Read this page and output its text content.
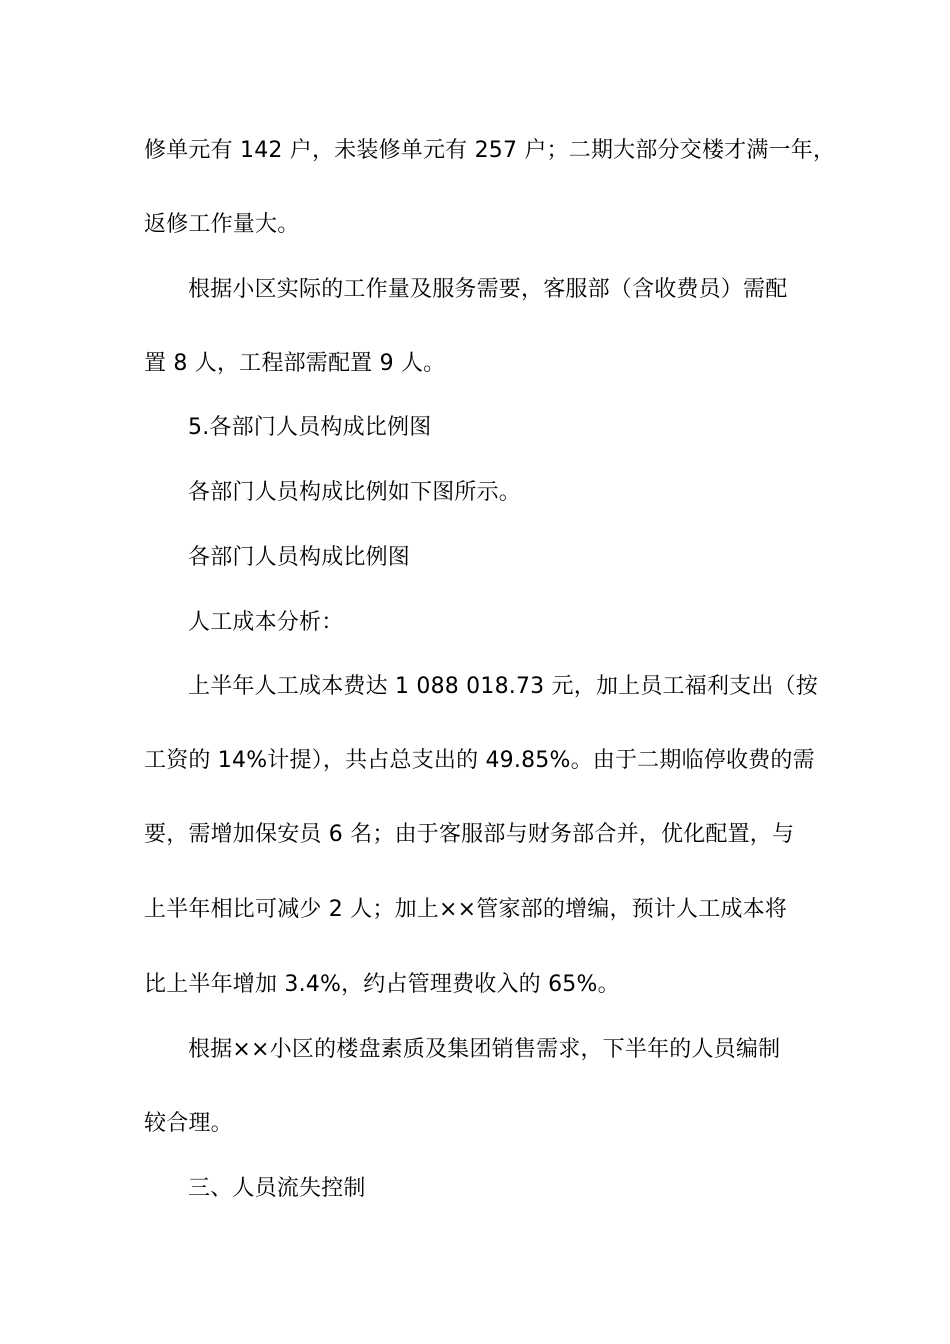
修单元有 142 户，未装修单元有 257 户；二期大部分交楼才满一年，
返修工作量大。
根据小区实际的工作量及服务需要，客服部（含收费员）需配
置 8 人，工程部需配置 9 人。
5.各部门人员构成比例图
各部门人员构成比例如下图所示。
各部门人员构成比例图
人工成本分析：
上半年人工成本费达 1 088 018.73 元，加上员工福利支出（按
工资的 14%计提），共占总支出的 49.85%。由于二期临停收费的需
要，需增加保安员 6 名；由于客服部与财务部合并，优化配置，与
上半年相比可减少 2 人；加上××管家部的增编，预计人工成本将
比上半年增加 3.4%，约占管理费收入的 65%。
根据××小区的楼盘素质及集团销售需求，下半年的人员编制
较合理。
三、人员流失控制
